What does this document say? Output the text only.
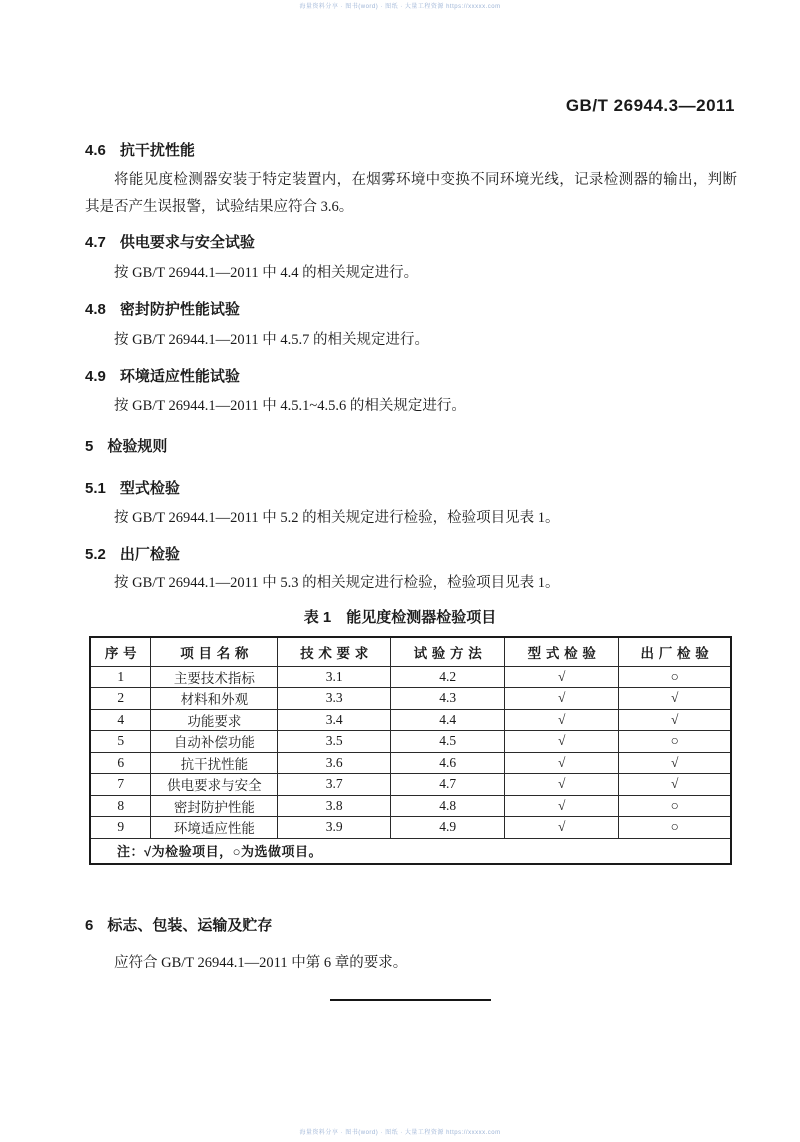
海量资料分享 · 图书(word) · 图纸 · 大量工程资源 https://xxxxx.com
GB/T 26944.3—2011
4.6 抗干扰性能
将能见度检测器安装于特定装置内，在烟雾环境中变换不同环境光线，记录检测器的输出，判断其是否产生误报警，试验结果应符合 3.6。
4.7 供电要求与安全试验
按 GB/T 26944.1—2011 中 4.4 的相关规定进行。
4.8 密封防护性能试验
按 GB/T 26944.1—2011 中 4.5.7 的相关规定进行。
4.9 环境适应性能试验
按 GB/T 26944.1—2011 中 4.5.1~4.5.6 的相关规定进行。
5 检验规则
5.1 型式检验
按 GB/T 26944.1—2011 中 5.2 的相关规定进行检验，检验项目见表 1。
5.2 出厂检验
按 GB/T 26944.1—2011 中 5.3 的相关规定进行检验，检验项目见表 1。
表 1　能见度检测器检验项目
序号	项目名称	技术要求	试验方法	型式检验	出厂检验
1	主要技术指标	3.1	4.2	√	○
2	材料和外观	3.3	4.3	√	√
4	功能要求	3.4	4.4	√	√
5	自动补偿功能	3.5	4.5	√	○
6	抗干扰性能	3.6	4.6	√	√
7	供电要求与安全	3.7	4.7	√	√
8	密封防护性能	3.8	4.8	√	○
9	环境适应性能	3.9	4.9	√	○
注：√为检验项目，○为选做项目。					
6 标志、包装、运输及贮存
应符合 GB/T 26944.1—2011 中第 6 章的要求。
海量资料分享 · 图书(word) · 图纸 · 大量工程资源 https://xxxxx.com
